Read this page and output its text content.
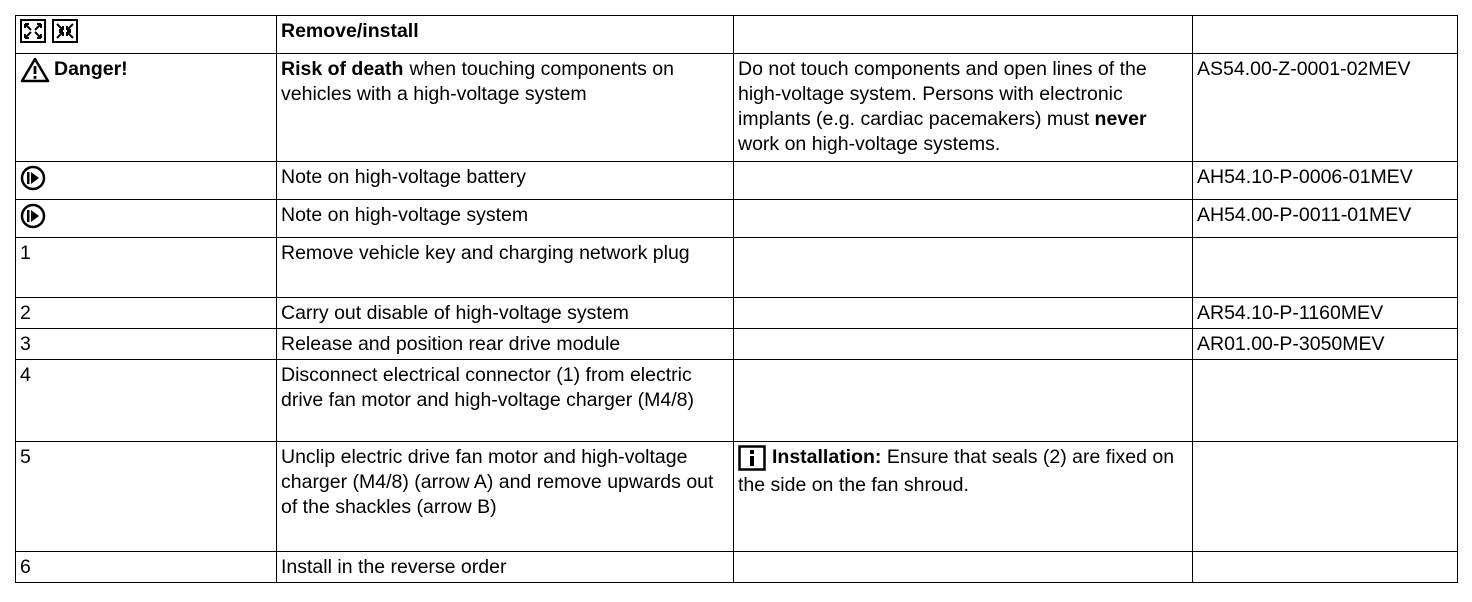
	Remove/install		
Danger!	Risk of death when touching components on vehicles with a high-voltage system	Do not touch components and open lines of the high-voltage system. Persons with electronic implants (e.g. cardiac pacemakers) must never work on high-voltage systems.	AS54.00-Z-0001-02MEV
	Note on high-voltage battery		AH54.10-P-0006-01MEV
	Note on high-voltage system		AH54.00-P-0011-01MEV
1	Remove vehicle key and charging network plug		
2	Carry out disable of high-voltage system		AR54.10-P-1160MEV
3	Release and position rear drive module		AR01.00-P-3050MEV
4	Disconnect electrical connector (1) from electric drive fan motor and high-voltage charger (M4/8)		
5	Unclip electric drive fan motor and high-voltage charger (M4/8) (arrow A) and remove upwards out of the shackles (arrow B)	Installation: Ensure that seals (2) are fixed on the side on the fan shroud.	
6	Install in the reverse order		
